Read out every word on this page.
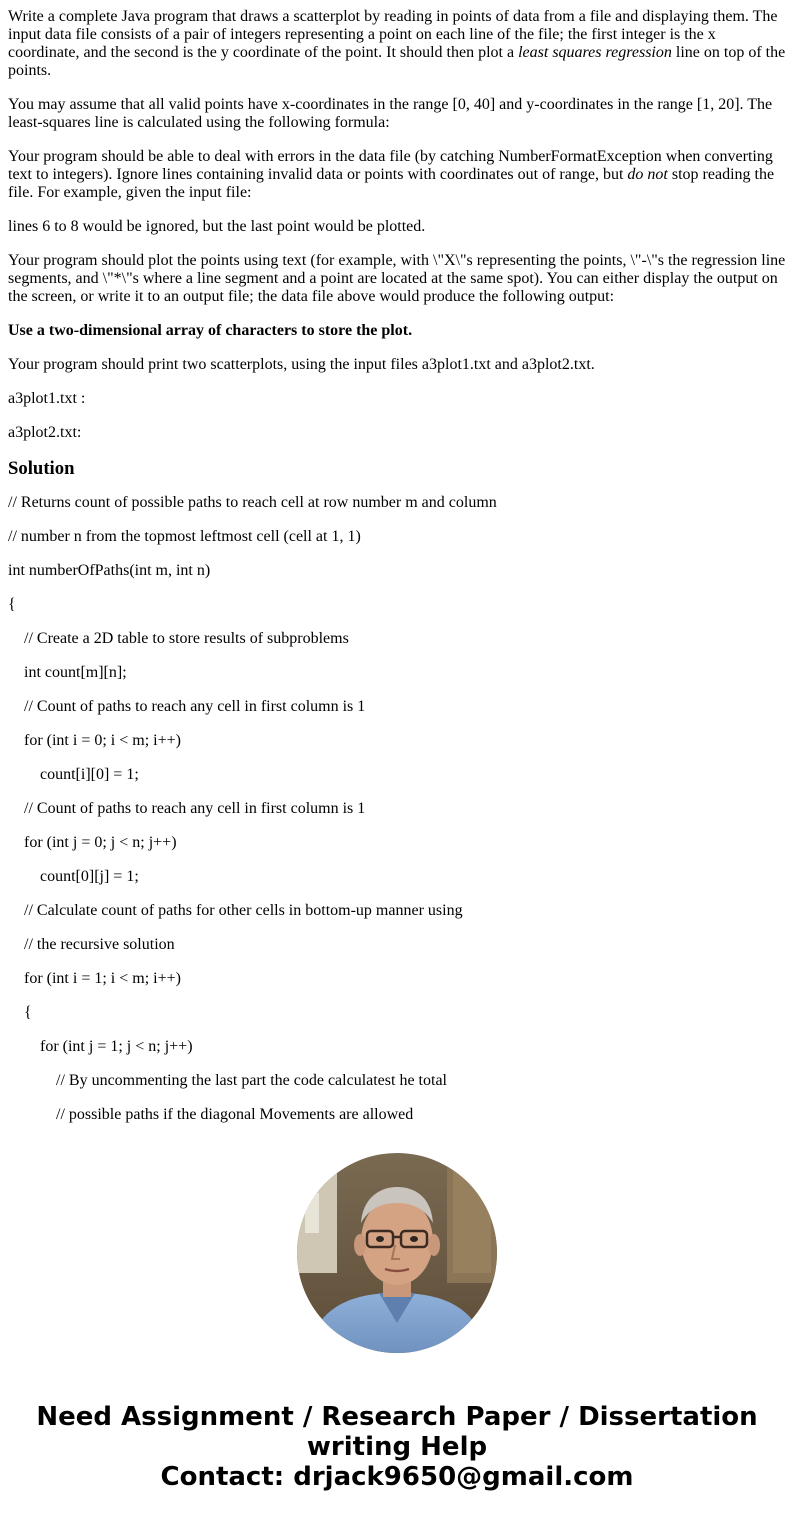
Write a complete Java program that draws a scatterplot by reading in points of data from a file and displaying them. The input data file consists of a pair of integers representing a point on each line of the file; the first integer is the x coordinate, and the second is the y coordinate of the point. It should then plot a least squares regression line on top of the points.
You may assume that all valid points have x-coordinates in the range [0, 40] and y-coordinates in the range [1, 20]. The least-squares line is calculated using the following formula:
Your program should be able to deal with errors in the data file (by catching NumberFormatException when converting text to integers). Ignore lines containing invalid data or points with coordinates out of range, but do not stop reading the file. For example, given the input file:
lines 6 to 8 would be ignored, but the last point would be plotted.
Your program should plot the points using text (for example, with \"X\"s representing the points, \"-\"s the regression line segments, and \"*\"s where a line segment and a point are located at the same spot). You can either display the output on the screen, or write it to an output file; the data file above would produce the following output:
Use a two-dimensional array of characters to store the plot.
Your program should print two scatterplots, using the input files a3plot1.txt and a3plot2.txt.
a3plot1.txt :
a3plot2.txt:
Solution
// Returns count of possible paths to reach cell at row number m and column
// number n from the topmost leftmost cell (cell at 1, 1)
int numberOfPaths(int m, int n)
{
// Create a 2D table to store results of subproblems
int count[m][n];
// Count of paths to reach any cell in first column is 1
for (int i = 0; i < m; i++)
count[i][0] = 1;
// Count of paths to reach any cell in first column is 1
for (int j = 0; j < n; j++)
count[0][j] = 1;
// Calculate count of paths for other cells in bottom-up manner using
// the recursive solution
for (int i = 1; i < m; i++)
{
for (int j = 1; j < n; j++)
// By uncommenting the last part the code calculatest he total
// possible paths if the diagonal Movements are allowed
Need Assignment / Research Paper / Dissertation
writing Help
Contact: drjack9650@gmail.com
